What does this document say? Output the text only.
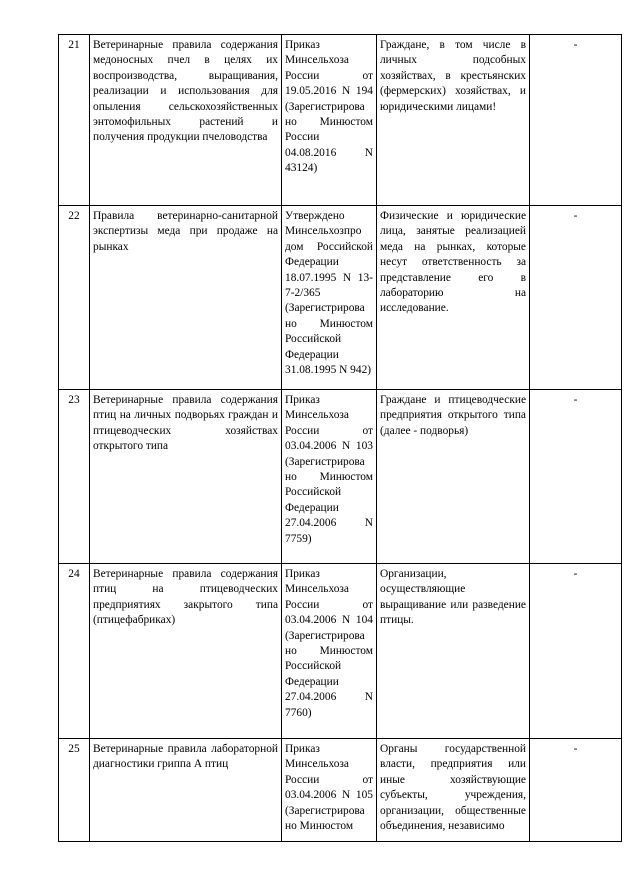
21	Ветеринарные правила содержания медоносных пчел в целях их воспроизводства, выращивания, реализации и использования для опыления сельскохозяйственных энтомофильных растений и получения продукции пчеловодства	Приказ Минсельхоза России от 19.05.2016 N 194 (Зарегистрирова но Минюстом России 04.08.2016 N 43124)	Граждане, в том числе в личных подсобных хозяйствах, в крестьянских (фермерских) хозяйствах, и юридическими лицами!	-
22	Правила ветеринарно-санитарной экспертизы меда при продаже на рынках	Утверждено Минсельхозпро дом Российской Федерации 18.07.1995 N 13-7-2/365 (Зарегистрирова но Минюстом Российской Федерации 31.08.1995 N 942)	Физические и юридические лица, занятые реализацией меда на рынках, которые несут ответственность за представление его в лабораторию на исследование.	-
23	Ветеринарные правила содержания птиц на личных подворьях граждан и птицеводческих хозяйствах открытого типа	Приказ Минсельхоза России от 03.04.2006 N 103 (Зарегистрирова но Минюстом Российской Федерации 27.04.2006 N 7759)	Граждане и птицеводческие предприятия открытого типа (далее - подворья)	-
24	Ветеринарные правила содержания птиц на птицеводческих предприятиях закрытого типа (птицефабриках)	Приказ Минсельхоза России от 03.04.2006 N 104 (Зарегистрирова но Минюстом Российской Федерации 27.04.2006 N 7760)	Организации, осуществляющие выращивание или разведение птицы.	-
25	Ветеринарные правила лабораторной диагностики гриппа А птиц	Приказ Минсельхоза России от 03.04.2006 N 105 (Зарегистрирова но Минюстом	Органы государственной власти, предприятия или иные хозяйствующие субъекты, учреждения, организации, общественные объединения, независимо	-
